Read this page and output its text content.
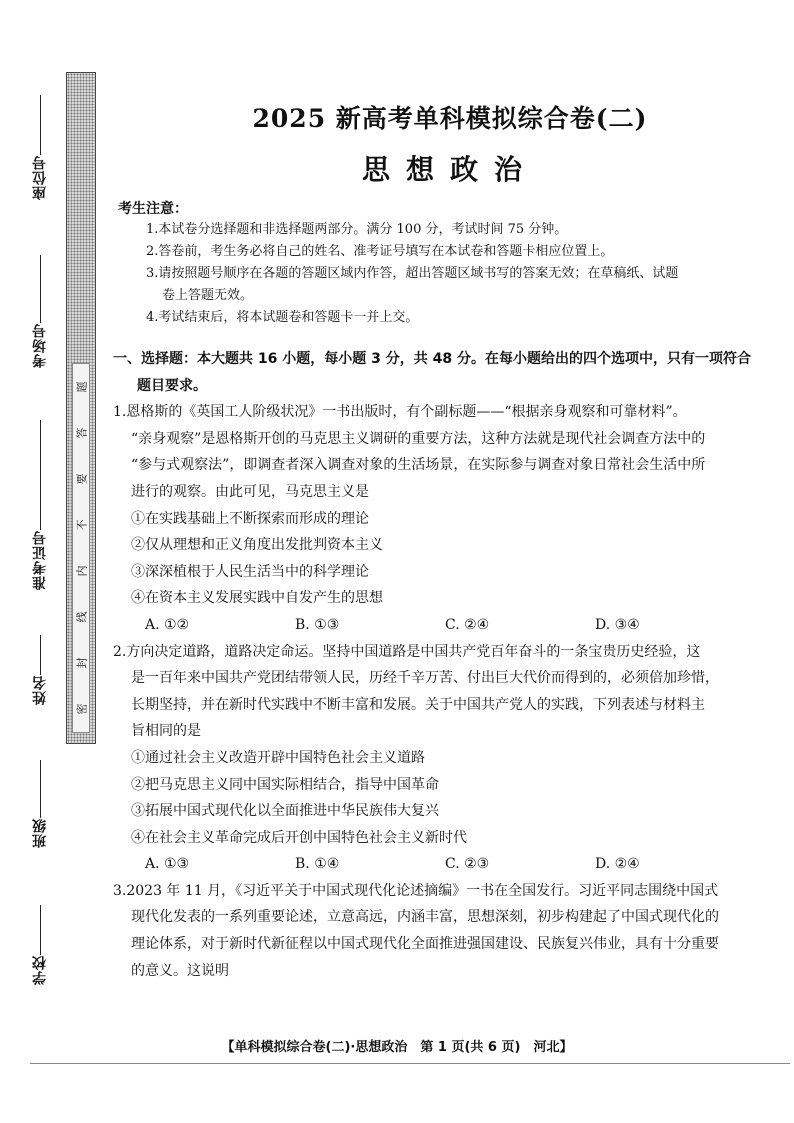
座位号
考场号
准考证号
姓名
班级
学校
题
答
要
不
内
线
封
密
2025 新高考单科模拟综合卷(二)
思想政治
考生注意：
1.本试卷分选择题和非选择题两部分。满分 100 分，考试时间 75 分钟。
2.答卷前，考生务必将自己的姓名、准考证号填写在本试卷和答题卡相应位置上。
3.请按照题号顺序在各题的答题区域内作答，超出答题区域书写的答案无效；在草稿纸、试题
卷上答题无效。
4.考试结束后，将本试题卷和答题卡一并上交。
一、选择题：本大题共 16 小题，每小题 3 分，共 48 分。在每小题给出的四个选项中，只有一项符合
题目要求。
1.恩格斯的《英国工人阶级状况》一书出版时，有个副标题——“根据亲身观察和可靠材料”。
“亲身观察”是恩格斯开创的马克思主义调研的重要方法，这种方法就是现代社会调查方法中的
“参与式观察法”，即调查者深入调查对象的生活场景，在实际参与调查对象日常社会生活中所
进行的观察。由此可见，马克思主义是
①在实践基础上不断探索而形成的理论
②仅从理想和正义角度出发批判资本主义
③深深植根于人民生活当中的科学理论
④在资本主义发展实践中自发产生的思想
A. ①②	B. ①③	C. ②④	D. ③④
2.方向决定道路，道路决定命运。坚持中国道路是中国共产党百年奋斗的一条宝贵历史经验，这
是一百年来中国共产党团结带领人民，历经千辛万苦、付出巨大代价而得到的，必须倍加珍惜，
长期坚持，并在新时代实践中不断丰富和发展。关于中国共产党人的实践，下列表述与材料主
旨相同的是
①通过社会主义改造开辟中国特色社会主义道路
②把马克思主义同中国实际相结合，指导中国革命
③拓展中国式现代化以全面推进中华民族伟大复兴
④在社会主义革命完成后开创中国特色社会主义新时代
A. ①③	B. ①④	C. ②③	D. ②④
3.2023 年 11 月，《习近平关于中国式现代化论述摘编》一书在全国发行。习近平同志围绕中国式
现代化发表的一系列重要论述，立意高远，内涵丰富，思想深刻，初步构建起了中国式现代化的
理论体系，对于新时代新征程以中国式现代化全面推进强国建设、民族复兴伟业，具有十分重要
的意义。这说明
【单科模拟综合卷(二)·思想政治　第 1 页(共 6 页)　河北】
